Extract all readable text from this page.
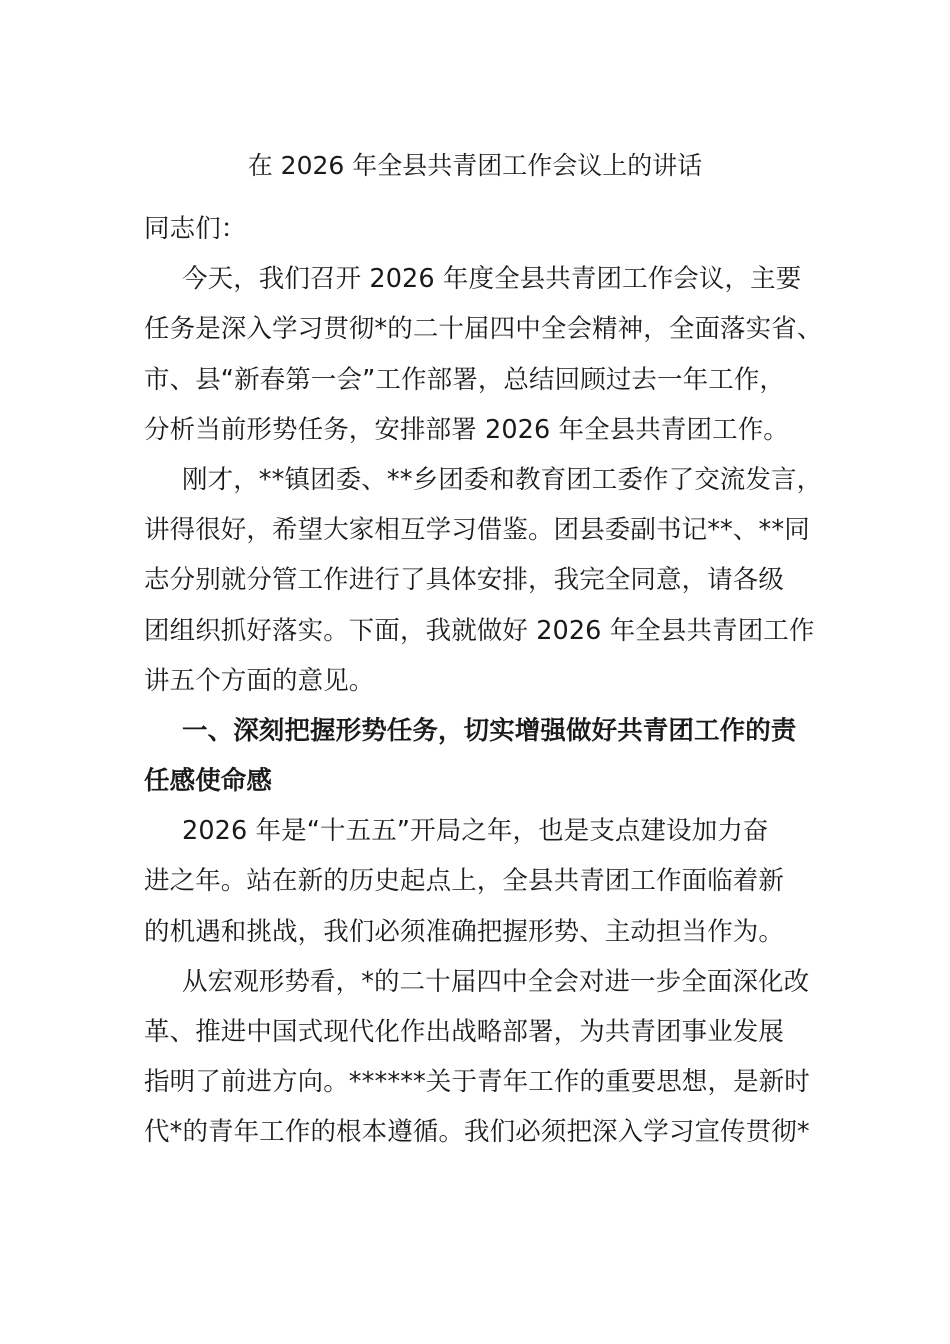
在 2026 年全县共青团工作会议上的讲话
同志们：
今天，我们召开 2026 年度全县共青团工作会议，主要
任务是深入学习贯彻*的二十届四中全会精神，全面落实省、
市、县“新春第一会”工作部署，总结回顾过去一年工作，
分析当前形势任务，安排部署 2026 年全县共青团工作。
刚才，**镇团委、**乡团委和教育团工委作了交流发言，
讲得很好，希望大家相互学习借鉴。团县委副书记**、**同
志分别就分管工作进行了具体安排，我完全同意，请各级
团组织抓好落实。下面，我就做好 2026 年全县共青团工作
讲五个方面的意见。
一、深刻把握形势任务，切实增强做好共青团工作的责
任感使命感
2026 年是“十五五”开局之年，也是支点建设加力奋
进之年。站在新的历史起点上，全县共青团工作面临着新
的机遇和挑战，我们必须准确把握形势、主动担当作为。
从宏观形势看，*的二十届四中全会对进一步全面深化改
革、推进中国式现代化作出战略部署，为共青团事业发展
指明了前进方向。******关于青年工作的重要思想，是新时
代*的青年工作的根本遵循。我们必须把深入学习宣传贯彻*
